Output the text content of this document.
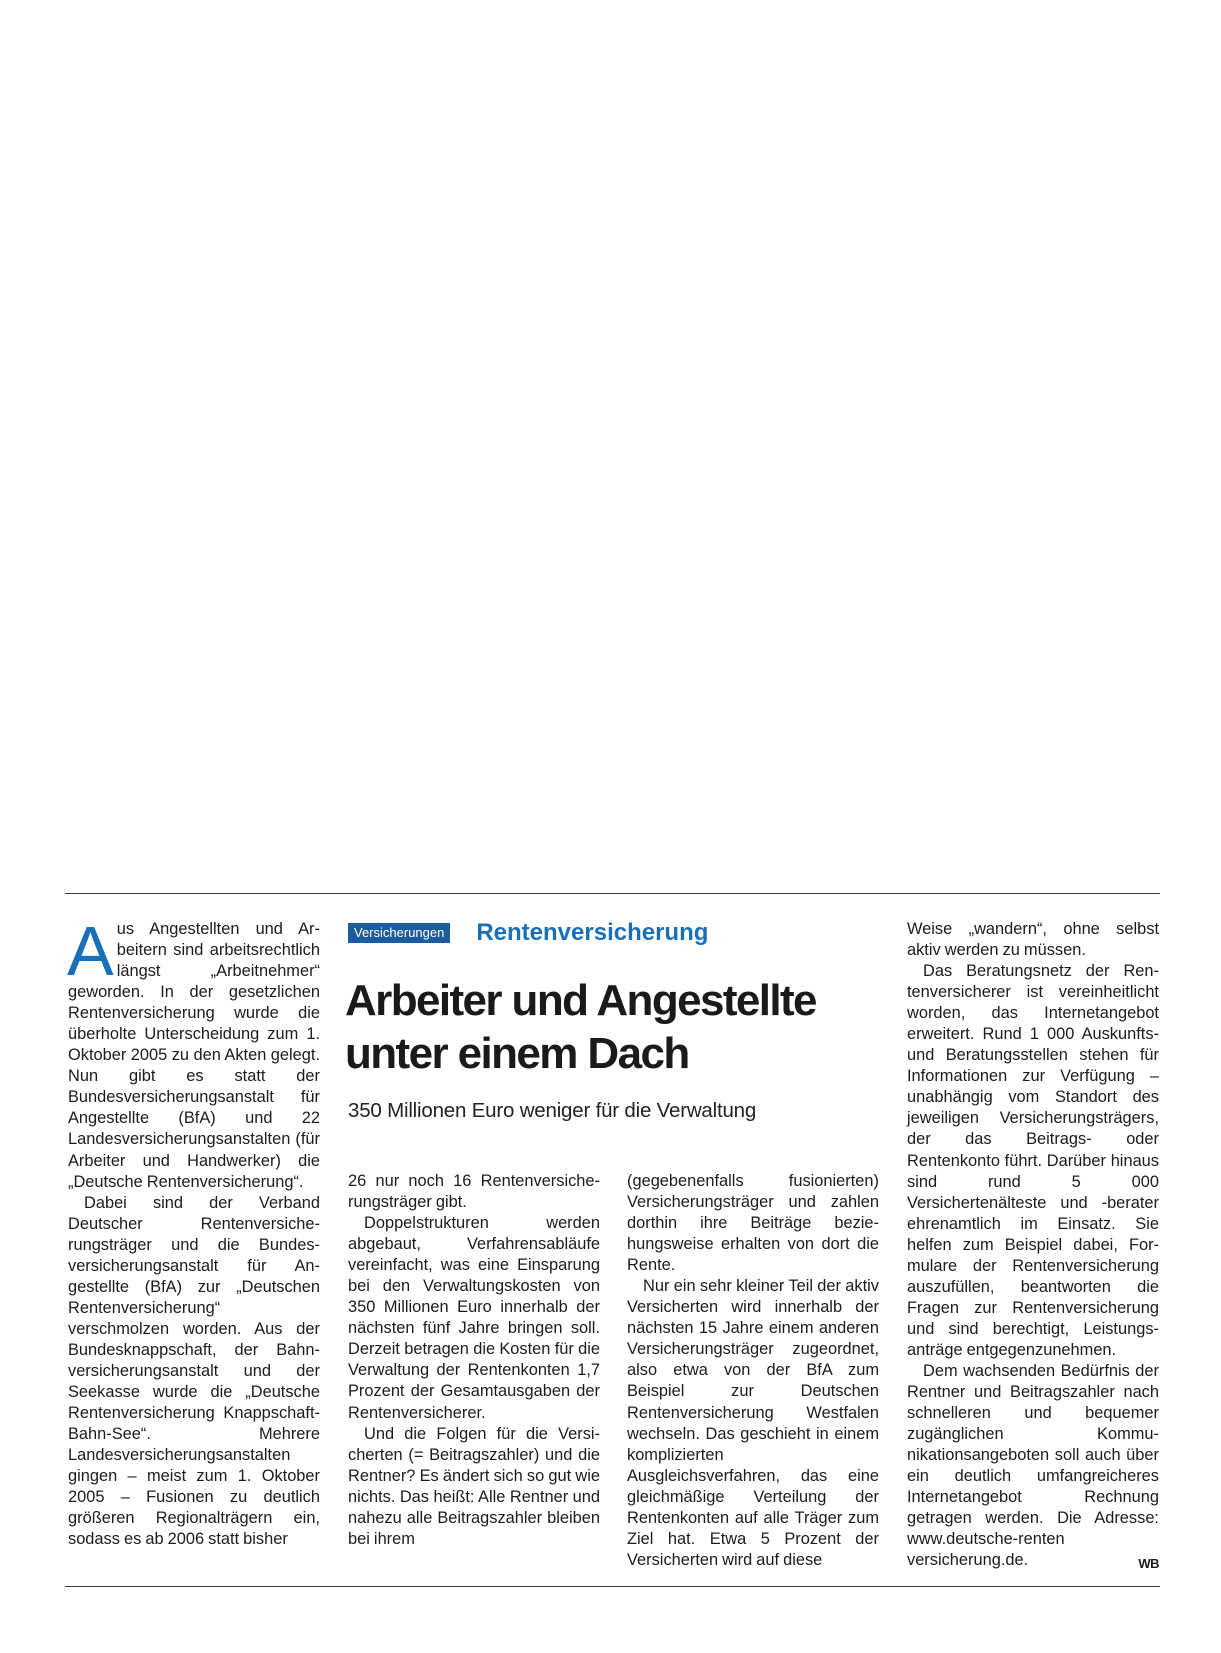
Aus Angestellten und Arbeitern sind arbeitsrechtlich längst „Arbeitnehmer“ geworden. In der gesetzlichen Rentenversicherung wurde die überholte Unterscheidung zum 1. Oktober 2005 zu den Akten gelegt. Nun gibt es statt der Bundesversicherungsanstalt für Angestellte (BfA) und 22 Landesversicherungsanstalten (für Arbeiter und Handwerker) die „Deutsche Rentenversicherung“.

Dabei sind der Verband Deutscher Rentenversicherungsträger und die Bundesversicherungsanstalt für Angestellte (BfA) zur „Deutschen Rentenversicherung“ verschmolzen worden. Aus der Bundesknappschaft, der Bahnversicherungsanstalt und der Seekasse wurde die „Deutsche Rentenversicherung Knappschaft-Bahn-See“. Mehrere Landesversicherungsanstalten gingen – meist zum 1. Oktober 2005 – Fusionen zu deutlich größeren Regionalträgern ein, sodass es ab 2006 statt bisher

Versicherungen Rentenversicherung
Arbeiter und Angestellte
unter einem Dach

350 Millionen Euro weniger für die Verwaltung

26 nur noch 16 Rentenversicherungsträger gibt.

Doppelstrukturen werden abgebaut, Verfahrensabläufe vereinfacht, was eine Einsparung bei den Verwaltungskosten von 350 Millionen Euro innerhalb der nächsten fünf Jahre bringen soll. Derzeit betragen die Kosten für die Verwaltung der Rentenkonten 1,7 Prozent der Gesamtausgaben der Rentenversicherer.

Und die Folgen für die Versicherten (= Beitragszahler) und die Rentner? Es ändert sich so gut wie nichts. Das heißt: Alle Rentner und nahezu alle Beitragszahler bleiben bei ihrem

(gegebenenfalls fusionierten) Versicherungsträger und zahlen dorthin ihre Beiträge beziehungsweise erhalten von dort die Rente.

Nur ein sehr kleiner Teil der aktiv Versicherten wird innerhalb der nächsten 15 Jahre einem anderen Versicherungsträger zugeordnet, also etwa von der BfA zum Beispiel zur Deutschen Rentenversicherung Westfalen wechseln. Das geschieht in einem komplizierten Ausgleichsverfahren, das eine gleichmäßige Verteilung der Rentenkonten auf alle Träger zum Ziel hat. Etwa 5 Prozent der Versicherten wird auf diese

Weise „wandern“, ohne selbst aktiv werden zu müssen.

Das Beratungsnetz der Rentenversicherer ist vereinheitlicht worden, das Internetangebot erweitert. Rund 1 000 Auskunfts- und Beratungsstellen stehen für Informationen zur Verfügung – unabhängig vom Standort des jeweiligen Versicherungsträgers, der das Beitrags- oder Rentenkonto führt. Darüber hinaus sind rund 5 000 Versichertenälteste und -berater ehrenamtlich im Einsatz. Sie helfen zum Beispiel dabei, Formulare der Rentenversicherung auszufüllen, beantworten die Fragen zur Rentenversicherung und sind berechtigt, Leistungsanträge entgegenzunehmen.

Dem wachsenden Bedürfnis der Rentner und Beitragszahler nach schnelleren und bequemer zugänglichen Kommunikationsangeboten soll auch über ein deutlich umfangreicheres Internetangebot Rechnung getragen werden. Die Adresse: www.deutsche-renten versicherung.de.	WB
